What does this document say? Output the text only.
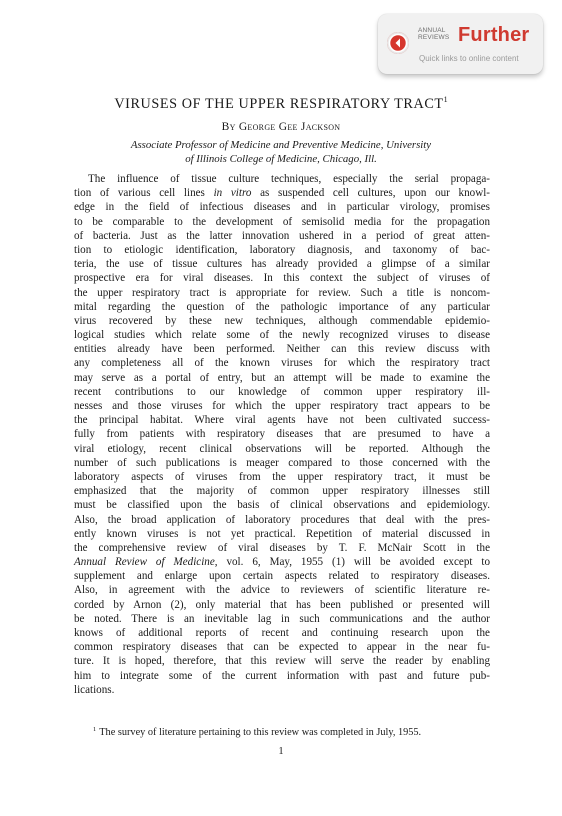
ANNUAL
REVIEWS Further
Quick links to online content
VIRUSES OF THE UPPER RESPIRATORY TRACT$^1$
By George Gee Jackson
Associate Professor of Medicine and Preventive Medicine, University
of Illinois College of Medicine, Chicago, Ill.
The influence of tissue culture techniques, especially the serial propaga-
tion of various cell lines in vitro as suspended cell cultures, upon our knowl-
edge in the field of infectious diseases and in particular virology, promises
to be comparable to the development of semisolid media for the propagation
of bacteria. Just as the latter innovation ushered in a period of great atten-
tion to etiologic identification, laboratory diagnosis, and taxonomy of bac-
teria, the use of tissue cultures has already provided a glimpse of a similar
prospective era for viral diseases. In this context the subject of viruses of
the upper respiratory tract is appropriate for review. Such a title is noncom-
mital regarding the question of the pathologic importance of any particular
virus recovered by these new techniques, although commendable epidemio-
logical studies which relate some of the newly recognized viruses to disease
entities already have been performed. Neither can this review discuss with
any completeness all of the known viruses for which the respiratory tract
may serve as a portal of entry, but an attempt will be made to examine the
recent contributions to our knowledge of common upper respiratory ill-
nesses and those viruses for which the upper respiratory tract appears to be
the principal habitat. Where viral agents have not been cultivated success-
fully from patients with respiratory diseases that are presumed to have a
viral etiology, recent clinical observations will be reported. Although the
number of such publications is meager compared to those concerned with the
laboratory aspects of viruses from the upper respiratory tract, it must be
emphasized that the majority of common upper respiratory illnesses still
must be classified upon the basis of clinical observations and epidemiology.
Also, the broad application of laboratory procedures that deal with the pres-
ently known viruses is not yet practical. Repetition of material discussed in
the comprehensive review of viral diseases by T. F. McNair Scott in the
Annual Review of Medicine, vol. 6, May, 1955 (1) will be avoided except to
supplement and enlarge upon certain aspects related to respiratory diseases.
Also, in agreement with the advice to reviewers of scientific literature re-
corded by Arnon (2), only material that has been published or presented will
be noted. There is an inevitable lag in such communications and the author
knows of additional reports of recent and continuing research upon the
common respiratory diseases that can be expected to appear in the near fu-
ture. It is hoped, therefore, that this review will serve the reader by enabling
him to integrate some of the current information with past and future pub-
lications.
$^1$ The survey of literature pertaining to this review was completed in July, 1955.
1
